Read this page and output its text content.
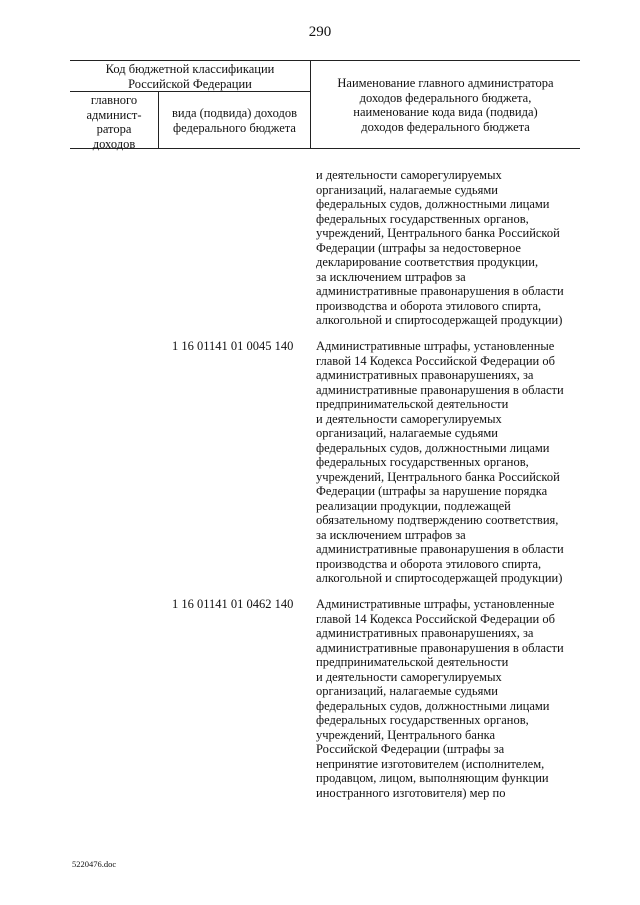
290
Код бюджетной классификации
Российской Федерации
главного
админист-
ратора
доходов
вида (подвида) доходов
федерального бюджета
Наименование главного администратора
доходов федерального бюджета,
наименование кода вида (подвида)
доходов федерального бюджета
и деятельности саморегулируемых
организаций, налагаемые судьями
федеральных судов, должностными лицами
федеральных государственных органов,
учреждений, Центрального банка Российской
Федерации (штрафы за недостоверное
декларирование соответствия продукции,
за исключением штрафов за
административные правонарушения в области
производства и оборота этилового спирта,
алкогольной и спиртосодержащей продукции)
1 16 01141 01 0045 140 Административные штрафы, установленные
главой 14 Кодекса Российской Федерации об
административных правонарушениях, за
административные правонарушения в области
предпринимательской деятельности
и деятельности саморегулируемых
организаций, налагаемые судьями
федеральных судов, должностными лицами
федеральных государственных органов,
учреждений, Центрального банка Российской
Федерации (штрафы за нарушение порядка
реализации продукции, подлежащей
обязательному подтверждению соответствия,
за исключением штрафов за
административные правонарушения в области
производства и оборота этилового спирта,
алкогольной и спиртосодержащей продукции)
1 16 01141 01 0462 140 Административные штрафы, установленные
главой 14 Кодекса Российской Федерации об
административных правонарушениях, за
административные правонарушения в области
предпринимательской деятельности
и деятельности саморегулируемых
организаций, налагаемые судьями
федеральных судов, должностными лицами
федеральных государственных органов,
учреждений, Центрального банка
Российской Федерации (штрафы за
непринятие изготовителем (исполнителем,
продавцом, лицом, выполняющим функции
иностранного изготовителя) мер по
5220476.doc
